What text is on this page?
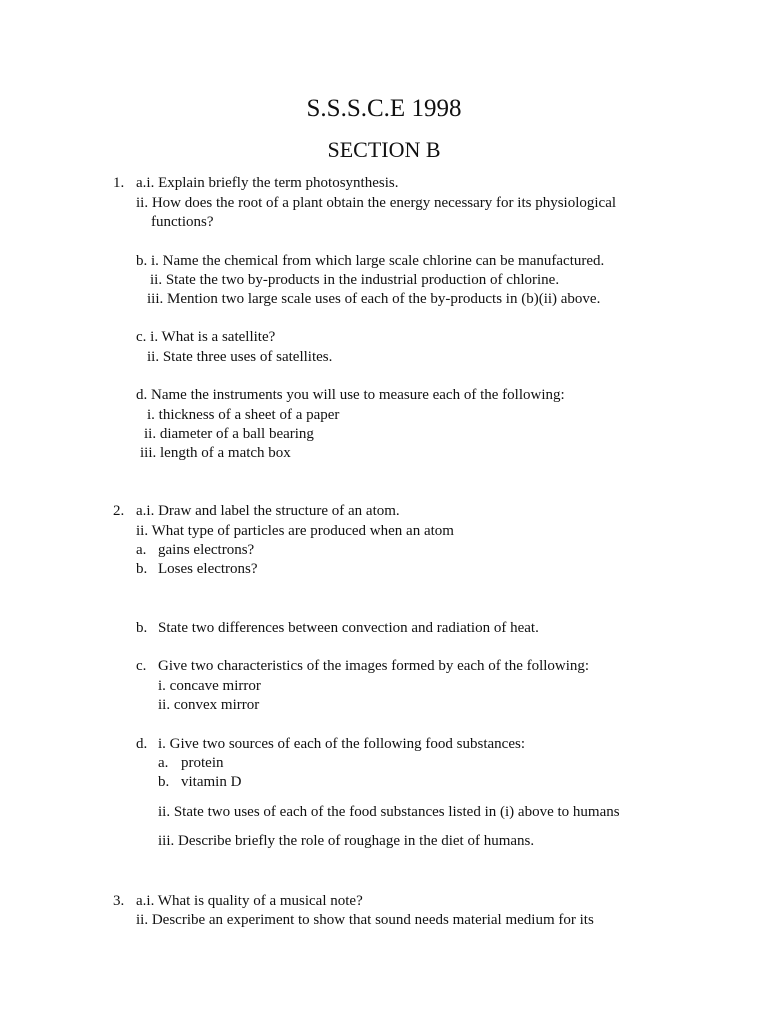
S.S.S.C.E 1998
SECTION B
1. a.i. Explain briefly the term photosynthesis.
ii. How does the root of a plant obtain the energy necessary for its physiological
functions?
b. i. Name the chemical from which large scale chlorine can be manufactured.
ii. State the two by-products in the industrial production of chlorine.
iii. Mention two large scale uses of each of the by-products in (b)(ii) above.
c. i. What is a satellite?
ii. State three uses of satellites.
d. Name the instruments you will use to measure each of the following:
i. thickness of a sheet of a paper
ii. diameter of a ball bearing
iii. length of a match box
2. a.i. Draw and label the structure of an atom.
ii. What type of particles are produced when an atom
a. gains electrons?
b. Loses electrons?
b. State two differences between convection and radiation of heat.
c. Give two characteristics of the images formed by each of the following:
i. concave mirror
ii. convex mirror
d. i. Give two sources of each of the following food substances:
a. protein
b. vitamin D
ii. State two uses of each of the food substances listed in (i) above to humans
iii. Describe briefly the role of roughage in the diet of humans.
3. a.i. What is quality of a musical note?
ii. Describe an experiment to show that sound needs material medium for its
